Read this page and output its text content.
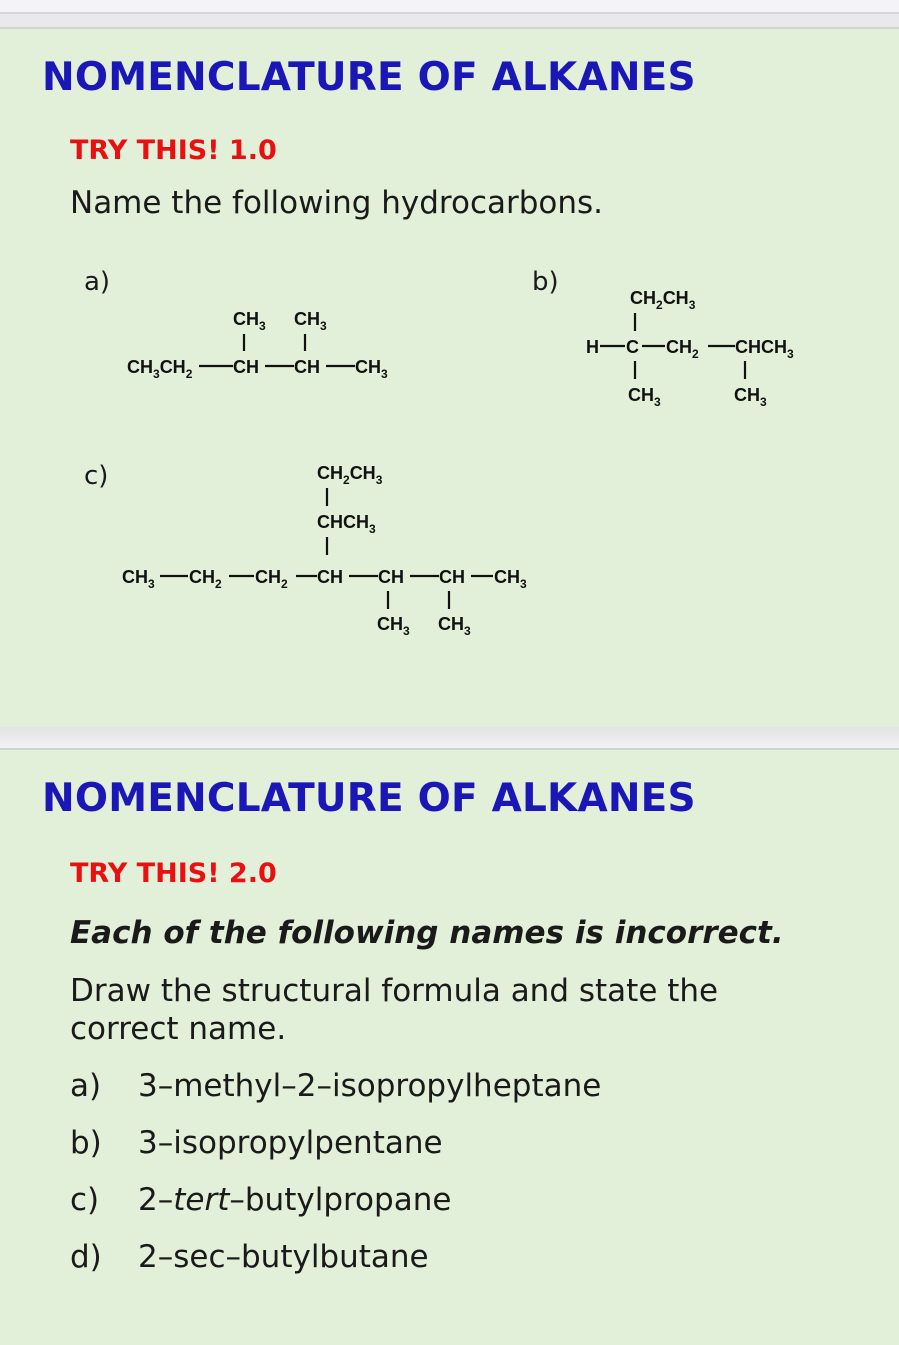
NOMENCLATURE OF ALKANES
TRY THIS! 1.0
Name the following hydrocarbons.
a)	b)
c)
$CH_3$ $CH_3$
$CH_3CH_2$ CH CH $CH_3$
$CH_2CH_3$
H C $CH_2$ $CHCH_3$
$CH_3$	$CH_3$
$CH_2CH_3$
$CHCH_3$
$CH_3$ $CH_2$ $CH_2$ CH CH CH $CH_3$
$CH_3$ $CH_3$
NOMENCLATURE OF ALKANES
TRY THIS! 2.0
Each of the following names is incorrect.
Draw the structural formula and state the
correct name.
a) 3–methyl–2–isopropylheptane
b) 3–isopropylpentane
c) 2–tert–butylpropane
d) 2–sec–butylbutane
